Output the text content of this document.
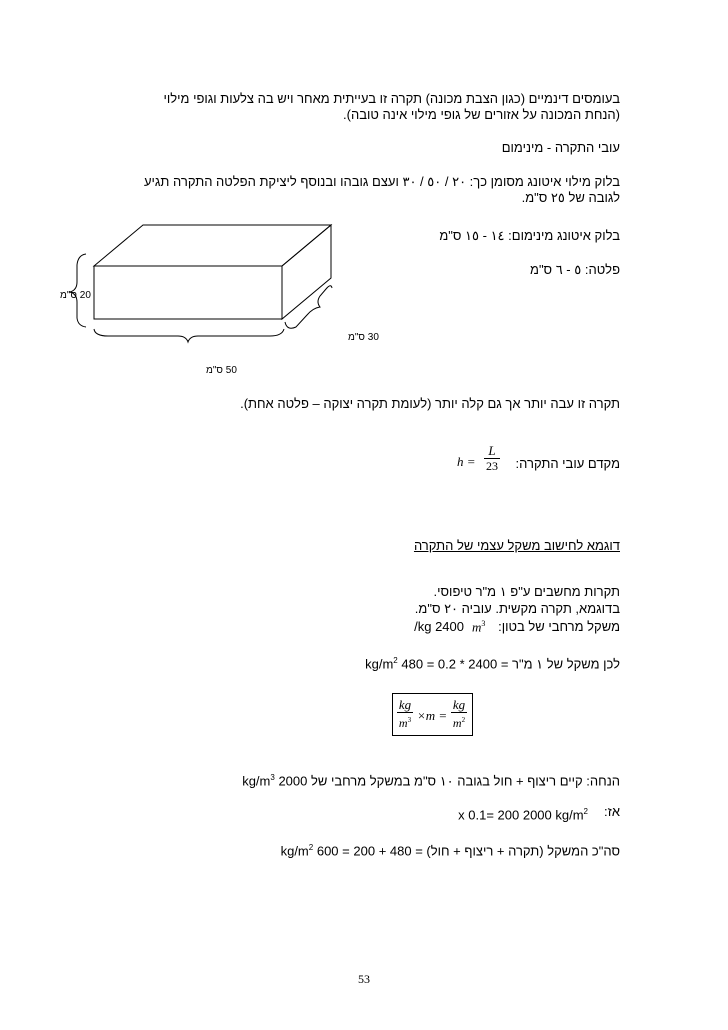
בעומסים דינמיים (כגון הצבת מכונה) תקרה זו בעייתית מאחר ויש בה צלעות וגופי מילוי
(הנחת המכונה על אזורים של גופי מילוי אינה טובה).
עובי התקרה - מינימום
בלוק מילוי איטונג מסומן כך: ٢٠ / ٥٠ / ٣٠ ועצם גובהו ובנוסף ליציקת הפלטה התקרה תגיע
לגובה של ٢٥ ס"מ.
בלוק איטונג מינימום: ١٤ - ١٥ ס"מ
פלטה: ٥ - ٦ ס"מ
20 ס"מ
30 ס"מ
50 ס"מ
תקרה זו עבה יותר אך גם קלה יותר (לעומת תקרה יצוקה – פלטה אחת).
מקדם עובי התקרה:
h =
L
23
דוגמא לחישוב משקל עצמי של התקרה
תקרות מחשבים ע"פ ١ מ"ר טיפוסי.
בדוגמא, תקרה מקשית. עוביה ٢٠ ס"מ.
משקל מרחבי של בטון:
$m^3$
/kg 2400
לכן משקל של ١ מ"ר = 2400 * 0.2 = 480 $kg/m^2$
kg
$m^3 \times m$ =
kg
$m^2$
הנחה: קיים ריצוף + חול בגובה ١٠ ס"מ במשקל מרחבי של 2000 $kg/m^3$
אז:
x 0.1= 200 2000 $kg/m^2$
סה"כ המשקל (תקרה + ריצוף + חול) = 480 + 200 = 600 $kg/m^2$
53
